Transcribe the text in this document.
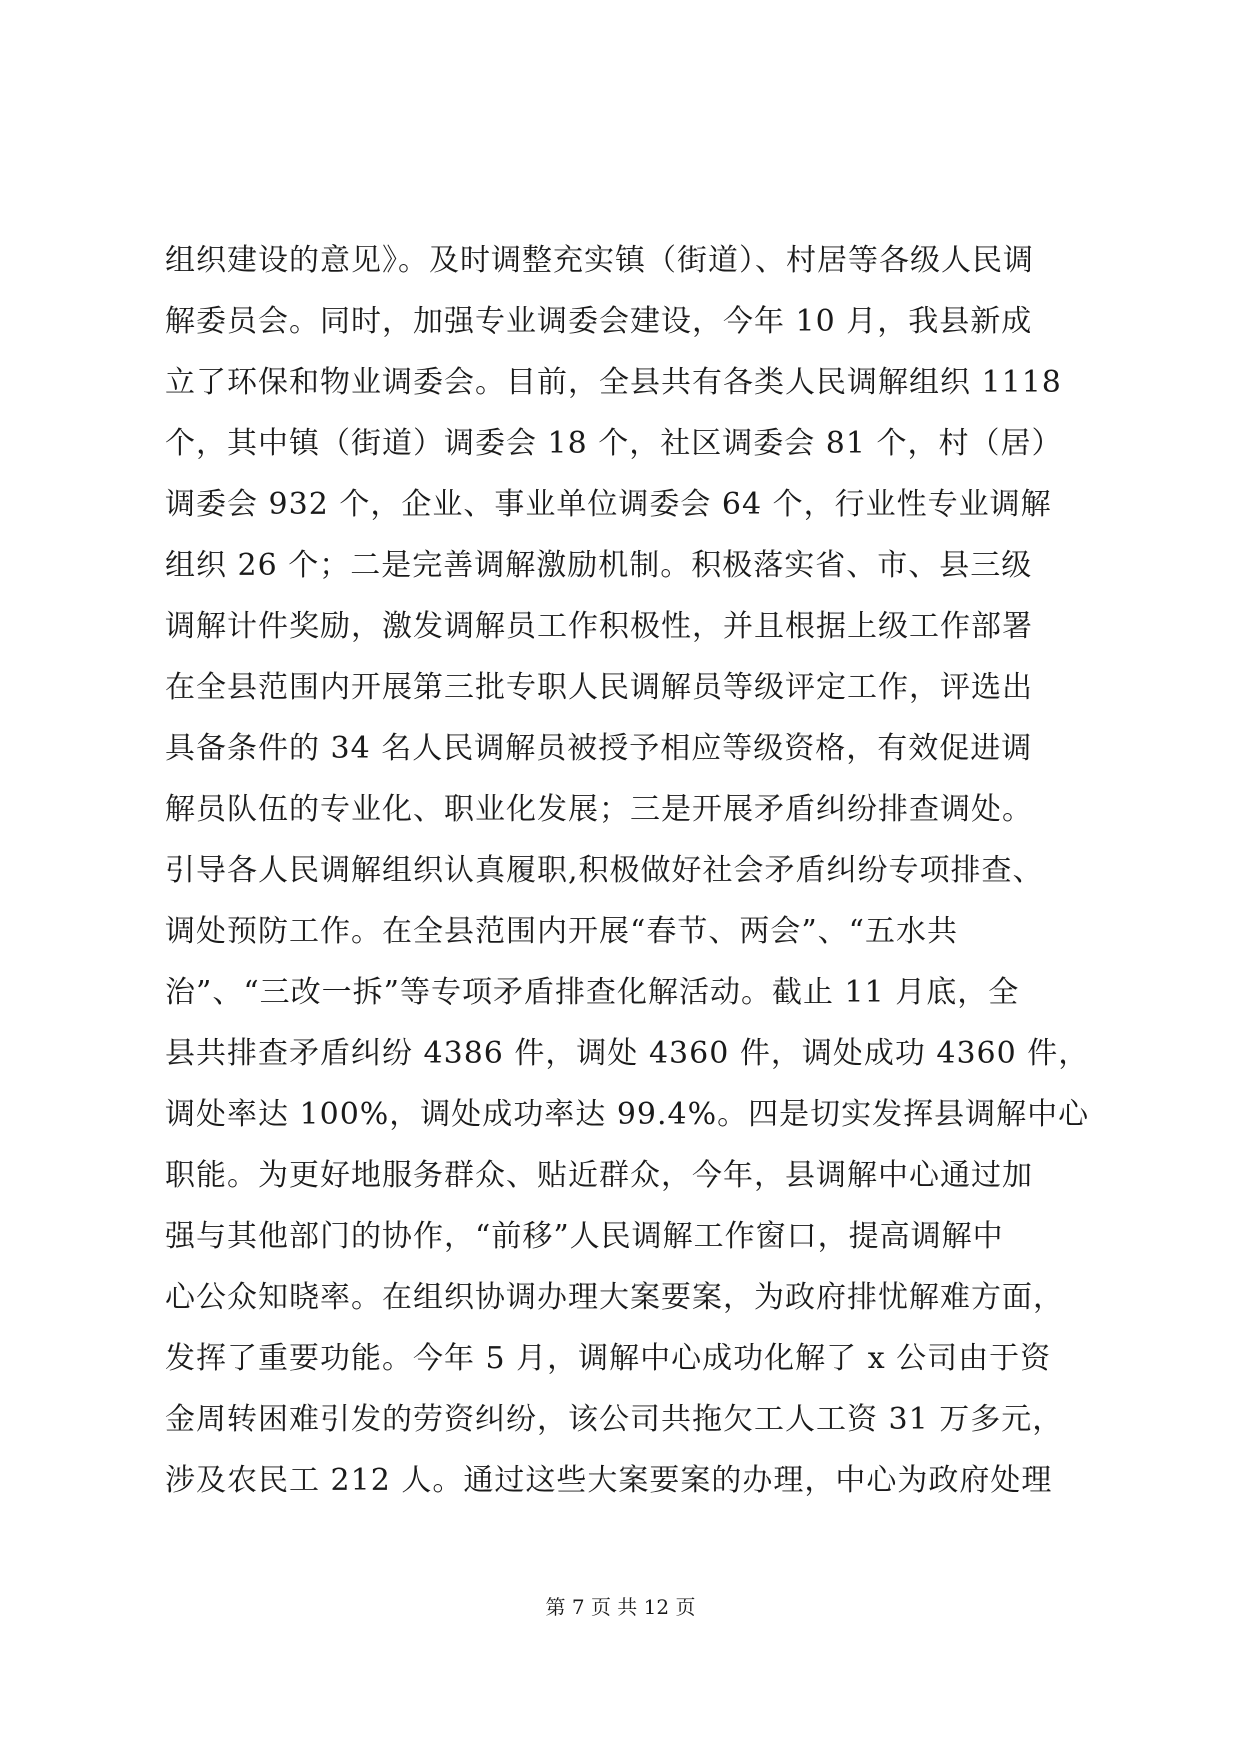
组织建设的意见》。及时调整充实镇（街道）、村居等各级人民调
解委员会。同时，加强专业调委会建设，今年 10 月，我县新成
立了环保和物业调委会。目前，全县共有各类人民调解组织 1118
个，其中镇（街道）调委会 18 个，社区调委会 81 个，村（居）
调委会 932 个，企业、事业单位调委会 64 个，行业性专业调解
组织 26 个；二是完善调解激励机制。积极落实省、市、县三级
调解计件奖励，激发调解员工作积极性，并且根据上级工作部署
在全县范围内开展第三批专职人民调解员等级评定工作，评选出
具备条件的 34 名人民调解员被授予相应等级资格，有效促进调
解员队伍的专业化、职业化发展；三是开展矛盾纠纷排查调处。
引导各人民调解组织认真履职,积极做好社会矛盾纠纷专项排查、
调处预防工作。在全县范围内开展“春节、两会”、“五水共
治”、“三改一拆”等专项矛盾排查化解活动。截止 11 月底，全
县共排查矛盾纠纷 4386 件，调处 4360 件，调处成功 4360 件，
调处率达 100%，调处成功率达 99.4%。四是切实发挥县调解中心
职能。为更好地服务群众、贴近群众，今年，县调解中心通过加
强与其他部门的协作，“前移”人民调解工作窗口，提高调解中
心公众知晓率。在组织协调办理大案要案，为政府排忧解难方面，
发挥了重要功能。今年 5 月，调解中心成功化解了 x 公司由于资
金周转困难引发的劳资纠纷，该公司共拖欠工人工资 31 万多元，
涉及农民工 212 人。通过这些大案要案的办理，中心为政府处理
第 7 页 共 12 页
